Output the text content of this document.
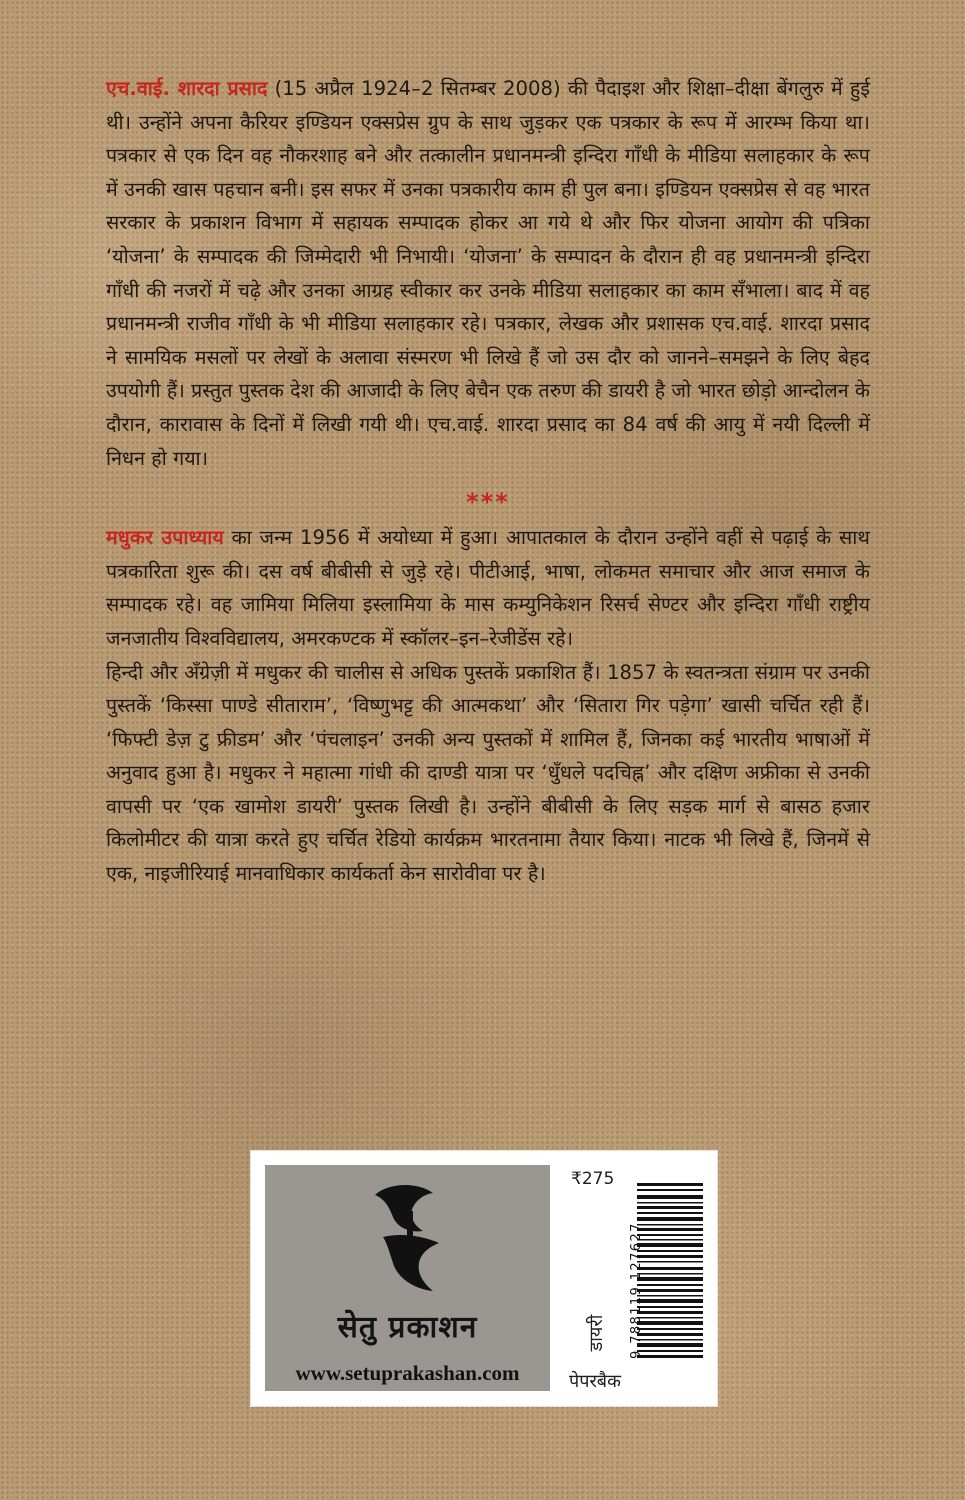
एच.वाई. शारदा प्रसाद (15 अप्रैल 1924–2 सितम्बर 2008) की पैदाइश और शिक्षा–दीक्षा बेंगलुरु में हुई थी। उन्होंने अपना कैरियर इण्डियन एक्सप्रेस ग्रुप के साथ जुड़कर एक पत्रकार के रूप में आरम्भ किया था। पत्रकार से एक दिन वह नौकरशाह बने और तत्कालीन प्रधानमन्त्री इन्दिरा गाँधी के मीडिया सलाहकार के रूप में उनकी खास पहचान बनी। इस सफर में उनका पत्रकारीय काम ही पुल बना। इण्डियन एक्सप्रेस से वह भारत सरकार के प्रकाशन विभाग में सहायक सम्पादक होकर आ गये थे और फिर योजना आयोग की पत्रिका ‘योजना’ के सम्पादक की जिम्मेदारी भी निभायी। ‘योजना’ के सम्पादन के दौरान ही वह प्रधानमन्त्री इन्दिरा गाँधी की नजरों में चढ़े और उनका आग्रह स्वीकार कर उनके मीडिया सलाहकार का काम सँभाला। बाद में वह प्रधानमन्त्री राजीव गाँधी के भी मीडिया सलाहकार रहे। पत्रकार, लेखक और प्रशासक एच.वाई. शारदा प्रसाद ने सामयिक मसलों पर लेखों के अलावा संस्मरण भी लिखे हैं जो उस दौर को जानने–समझने के लिए बेहद उपयोगी हैं। प्रस्तुत पुस्तक देश की आजादी के लिए बेचैन एक तरुण की डायरी है जो भारत छोड़ो आन्दोलन के दौरान, कारावास के दिनों में लिखी गयी थी। एच.वाई. शारदा प्रसाद का 84 वर्ष की आयु में नयी दिल्ली में निधन हो गया।

***

मधुकर उपाध्याय का जन्म 1956 में अयोध्या में हुआ। आपातकाल के दौरान उन्होंने वहीं से पढ़ाई के साथ पत्रकारिता शुरू की। दस वर्ष बीबीसी से जुड़े रहे। पीटीआई, भाषा, लोकमत समाचार और आज समाज के सम्पादक रहे। वह जामिया मिलिया इस्लामिया के मास कम्युनिकेशन रिसर्च सेण्टर और इन्दिरा गाँधी राष्ट्रीय जनजातीय विश्वविद्यालय, अमरकण्टक में स्कॉलर–इन–रेजीडेंस रहे।

हिन्दी और अँग्रेज़ी में मधुकर की चालीस से अधिक पुस्तकें प्रकाशित हैं। 1857 के स्वतन्त्रता संग्राम पर उनकी पुस्तकें ‘किस्सा पाण्डे सीताराम’, ‘विष्णुभट्ट की आत्मकथा’ और ‘सितारा गिर पड़ेगा’ खासी चर्चित रही हैं। ‘फिफ्टी डेज़ टु फ्रीडम’ और ‘पंचलाइन’ उनकी अन्य पुस्तकों में शामिल हैं, जिनका कई भारतीय भाषाओं में अनुवाद हुआ है। मधुकर ने महात्मा गांधी की दाण्डी यात्रा पर ‘धुँधले पदचिह्न’ और दक्षिण अफ्रीका से उनकी वापसी पर ‘एक खामोश डायरी’ पुस्तक लिखी है। उन्होंने बीबीसी के लिए सड़क मार्ग से बासठ हजार किलोमीटर की यात्रा करते हुए चर्चित रेडियो कार्यक्रम भारतनामा तैयार किया। नाटक भी लिखे हैं, जिनमें से एक, नाइजीरियाई मानवाधिकार कार्यकर्ता केन सारोवीवा पर है।

सेतु प्रकाशन
www.setuprakashan.com
₹275
डायरी 9 788119 127627
पेपरबैक
